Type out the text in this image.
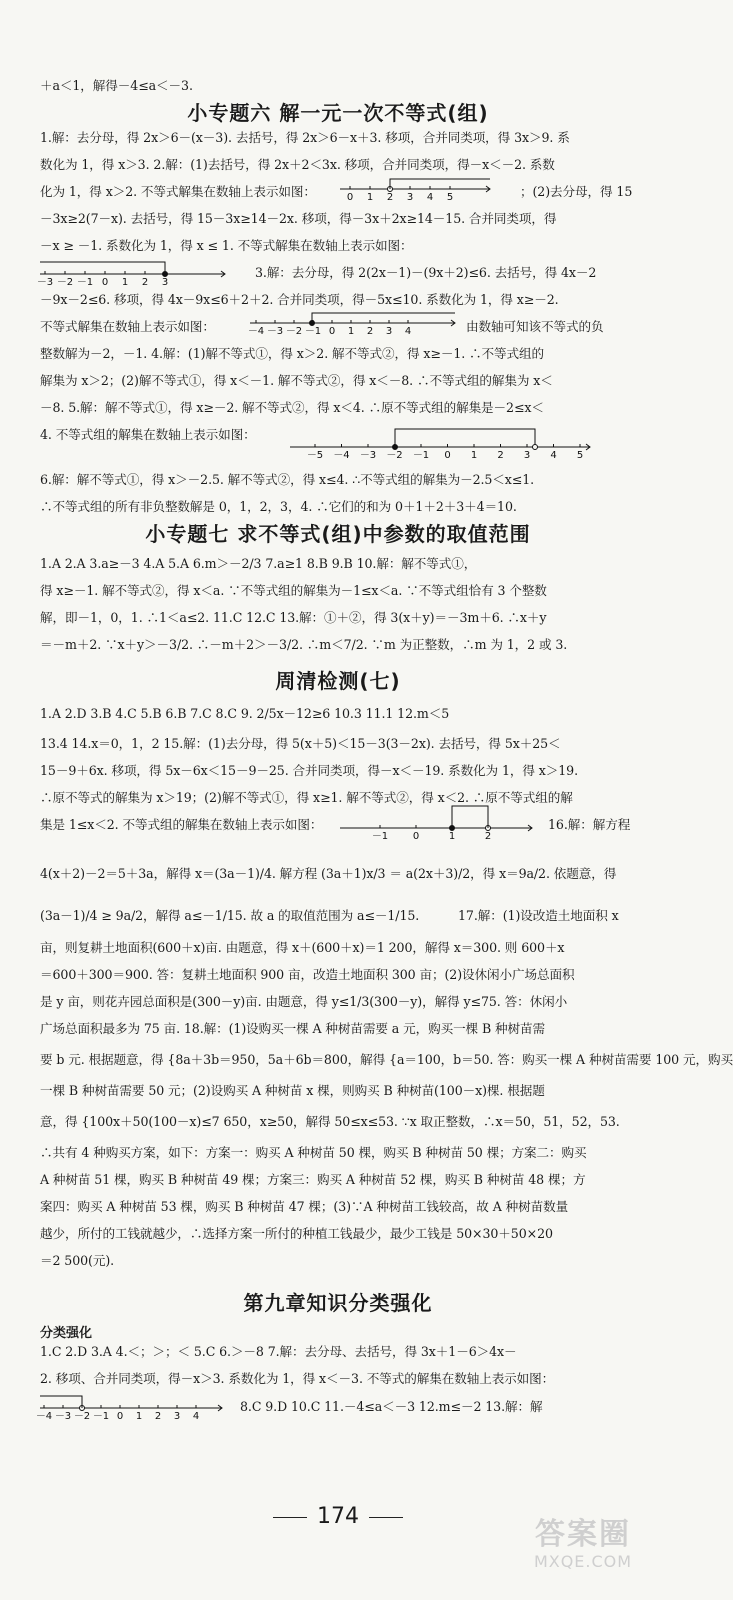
＋a＜1，解得－4≤a＜－3.
小专题六 解一元一次不等式(组)
1.解：去分母，得 2x＞6－(x－3). 去括号，得 2x＞6－x＋3. 移项，合并同类项，得 3x＞9. 系
数化为 1，得 x＞3. 2.解：(1)去括号，得 2x＋2＜3x. 移项，合并同类项，得－x＜－2. 系数
化为 1，得 x＞2. 不等式解集在数轴上表示如图：	0 1 2 3 4 5	；(2)去分母，得 15
－3x≥2(7－x). 去括号，得 15－3x≥14－2x. 移项，得－3x＋2x≥14－15. 合并同类项，得
－x ≥ －1. 系数化为 1，得 x ≤ 1. 不等式解集在数轴上表示如图：
－3 －2 －1 0 1 2 3
3.解：去分母，得 2(2x－1)－(9x＋2)≤6. 去括号，得 4x－2
－9x－2≤6. 移项，得 4x－9x≤6＋2＋2. 合并同类项，得－5x≤10. 系数化为 1，得 x≥－2.
不等式解集在数轴上表示如图：	－4 －3 －2 －1 0 1 2 3 4	由数轴可知该不等式的负
整数解为－2，－1. 4.解：(1)解不等式①，得 x＞2. 解不等式②，得 x≥－1. ∴不等式组的
解集为 x＞2；(2)解不等式①，得 x＜－1. 解不等式②，得 x＜－8. ∴不等式组的解集为 x＜
－8. 5.解：解不等式①，得 x≥－2. 解不等式②，得 x＜4. ∴原不等式组的解集是－2≤x＜
4. 不等式组的解集在数轴上表示如图：
－5 －4 －3 －2 －1 0 1 2 3 4 5
6.解：解不等式①，得 x＞－2.5. 解不等式②，得 x≤4. ∴不等式组的解集为－2.5＜x≤1.
∴不等式组的所有非负整数解是 0，1，2，3，4. ∴它们的和为 0＋1＋2＋3＋4＝10.
小专题七 求不等式(组)中参数的取值范围
1.A 2.A 3.a≥－3 4.A 5.A 6.m＞－2/3 7.a≥1 8.B 9.B 10.解：解不等式①，
得 x≥－1. 解不等式②，得 x＜a. ∵不等式组的解集为－1≤x＜a. ∵不等式组恰有 3 个整数
解，即－1，0，1. ∴1＜a≤2. 11.C 12.C 13.解：①＋②，得 3(x＋y)＝－3m＋6. ∴x＋y
＝－m＋2. ∵x＋y＞－3/2. ∴－m＋2＞－3/2. ∴m＜7/2. ∵m 为正整数，∴m 为 1，2 或 3.
周清检测(七)
1.A 2.D 3.B 4.C 5.B 6.B 7.C 8.C 9. 2/5x－12≥6 10.3 11.1 12.m＜5
13.4 14.x＝0，1，2 15.解：(1)去分母，得 5(x＋5)＜15－3(3－2x). 去括号，得 5x＋25＜
15－9＋6x. 移项，得 5x－6x＜15－9－25. 合并同类项，得－x＜－19. 系数化为 1，得 x＞19.
∴原不等式的解集为 x＞19；(2)解不等式①，得 x≥1. 解不等式②，得 x＜2. ∴原不等式组的解
集是 1≤x＜2. 不等式组的解集在数轴上表示如图：
－1 0	1	2
16.解：解方程
4(x＋2)－2＝5＋3a，解得 x＝(3a－1)/4. 解方程 (3a＋1)x/3 ＝ a(2x＋3)/2，得 x＝9a/2. 依题意，得
(3a－1)/4 ≥ 9a/2，解得 a≤－1/15. 故 a 的取值范围为 a≤－1/15.	17.解：(1)设改造土地面积 x
亩，则复耕土地面积(600＋x)亩. 由题意，得 x＋(600＋x)＝1 200，解得 x＝300. 则 600＋x
＝600＋300＝900. 答：复耕土地面积 900 亩，改造土地面积 300 亩；(2)设休闲小广场总面积
是 y 亩，则花卉园总面积是(300－y)亩. 由题意，得 y≤1/3(300－y)，解得 y≤75. 答：休闲小
广场总面积最多为 75 亩. 18.解：(1)设购买一棵 A 种树苗需要 a 元，购买一棵 B 种树苗需
要 b 元. 根据题意，得 {8a＋3b＝950，5a＋6b＝800，解得 {a＝100，b＝50. 答：购买一棵 A 种树苗需要 100 元，购买
一棵 B 种树苗需要 50 元；(2)设购买 A 种树苗 x 棵，则购买 B 种树苗(100－x)棵. 根据题
意，得 {100x＋50(100－x)≤7 650，x≥50，解得 50≤x≤53. ∵x 取正整数，∴x＝50，51，52，53.
∴共有 4 种购买方案，如下：方案一：购买 A 种树苗 50 棵，购买 B 种树苗 50 棵；方案二：购买
A 种树苗 51 棵，购买 B 种树苗 49 棵；方案三：购买 A 种树苗 52 棵，购买 B 种树苗 48 棵；方
案四：购买 A 种树苗 53 棵，购买 B 种树苗 47 棵；(3)∵A 种树苗工钱较高，故 A 种树苗数量
越少，所付的工钱就越少，∴选择方案一所付的种植工钱最少，最少工钱是 50×30＋50×20
＝2 500(元).
第九章知识分类强化
分类强化
1.C 2.D 3.A 4.＜；＞；＜ 5.C 6.＞－8 7.解：去分母、去括号，得 3x＋1－6＞4x－
2. 移项、合并同类项，得－x＞3. 系数化为 1，得 x＜－3. 不等式的解集在数轴上表示如图：
－4 －3 －2 －1 0 1 2 3 4
8.C 9.D 10.C 11.－4≤a＜－3 12.m≤－2 13.解：解
174
答案圈
MXQE.COM
